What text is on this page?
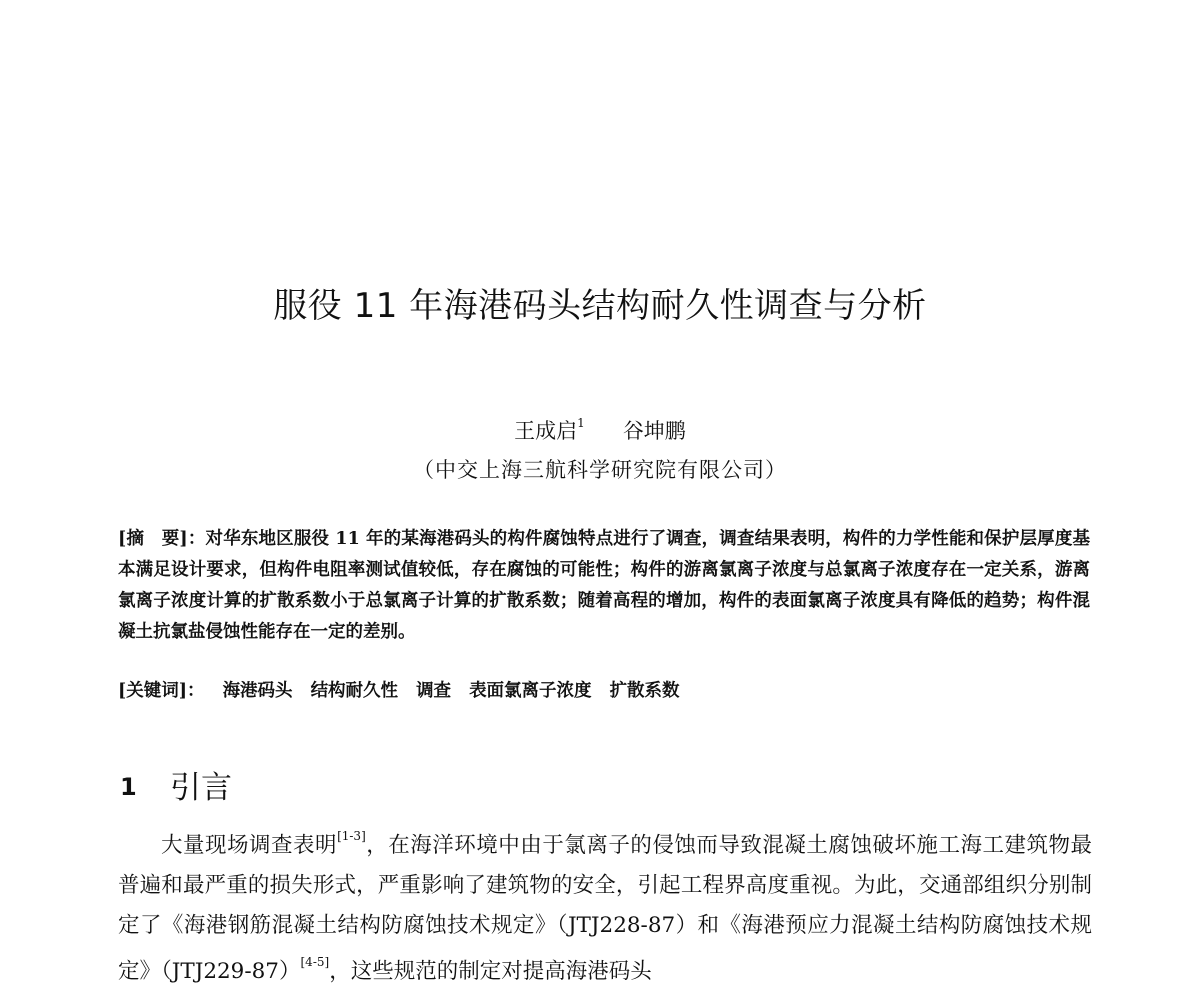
服役 11 年海港码头结构耐久性调查与分析
王成启$^1$ 谷坤鹏
（中交上海三航科学研究院有限公司）
[摘　要]：对华东地区服役 11 年的某海港码头的构件腐蚀特点进行了调查，调查结果表明，构件的力学性能和保护层厚度基本满足设计要求，但构件电阻率测试值较低，存在腐蚀的可能性；构件的游离氯离子浓度与总氯离子浓度存在一定关系，游离氯离子浓度计算的扩散系数小于总氯离子计算的扩散系数；随着高程的增加，构件的表面氯离子浓度具有降低的趋势；构件混凝土抗氯盐侵蚀性能存在一定的差别。
[关键词]： 海港码头 结构耐久性 调查 表面氯离子浓度 扩散系数
1 引言

大量现场调查表明[1-3]，在海洋环境中由于氯离子的侵蚀而导致混凝土腐蚀破坏施工海工建筑物最普遍和最严重的损失形式，严重影响了建筑物的安全，引起工程界高度重视。为此，交通部组织分别制定了《海港钢筋混凝土结构防腐蚀技术规定》（JTJ228-87）和《海港预应力混凝土结构防腐蚀技术规定》（JTJ229-87）[4-5]，这些规范的制定对提高海港码头
